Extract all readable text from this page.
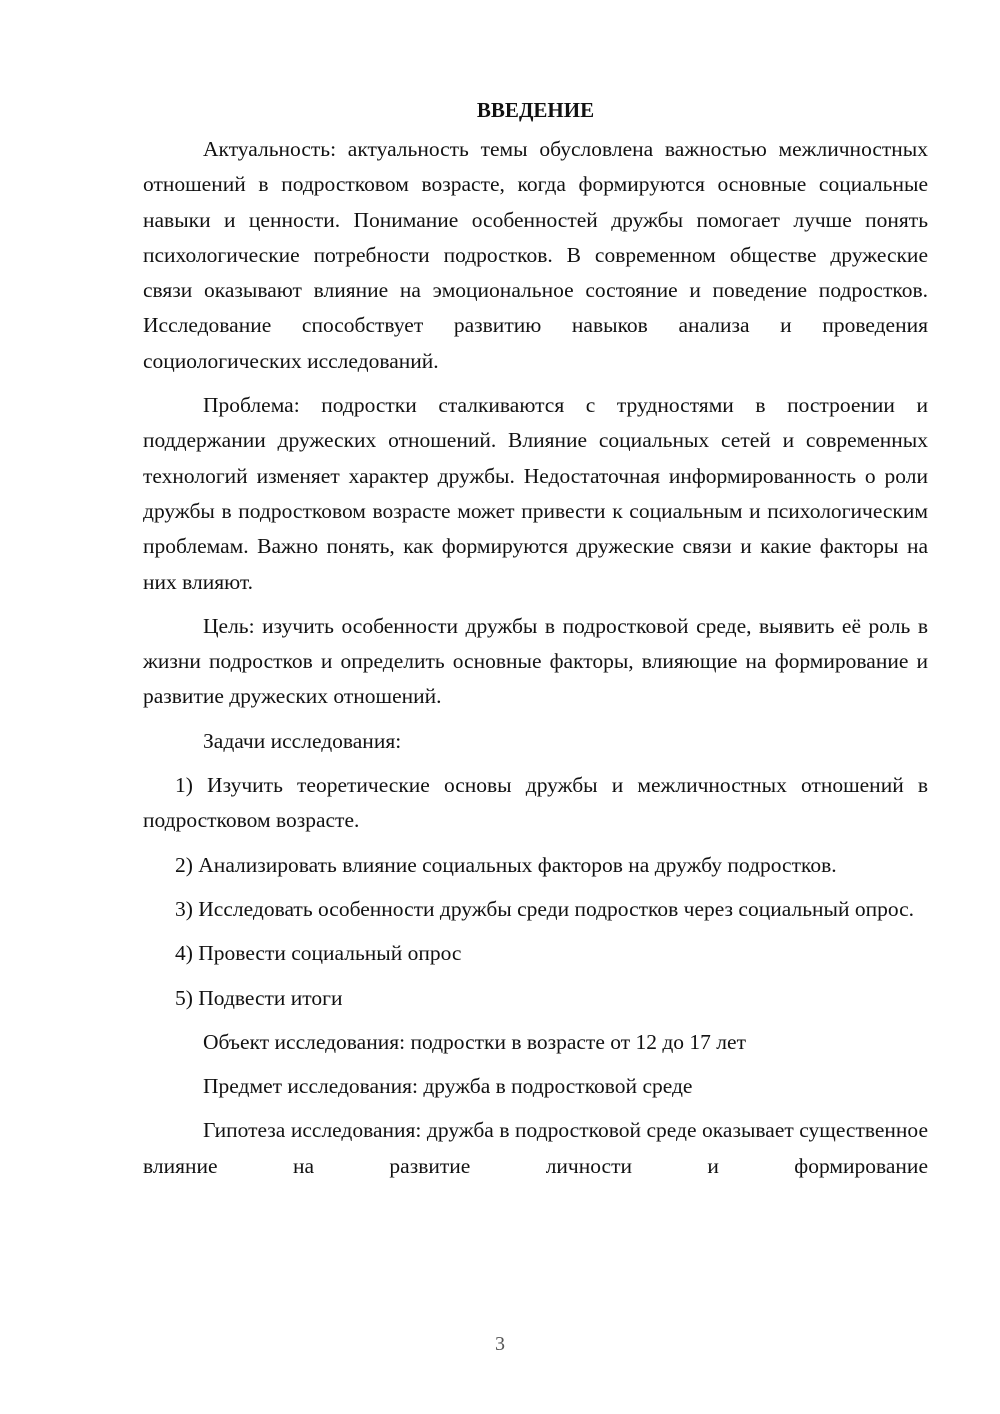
ВВЕДЕНИЕ

Актуальность: актуальность темы обусловлена важностью межличностных отношений в подростковом возрасте, когда формируются основные социальные навыки и ценности. Понимание особенностей дружбы помогает лучше понять психологические потребности подростков. В современном обществе дружеские связи оказывают влияние на эмоциональное состояние и поведение подростков. Исследование способствует развитию навыков анализа и проведения социологических исследований.

Проблема: подростки сталкиваются с трудностями в построении и поддержании дружеских отношений. Влияние социальных сетей и современных технологий изменяет характер дружбы. Недостаточная информированность о роли дружбы в подростковом возрасте может привести к социальным и психологическим проблемам. Важно понять, как формируются дружеские связи и какие факторы на них влияют.

Цель: изучить особенности дружбы в подростковой среде, выявить её роль в жизни подростков и определить основные факторы, влияющие на формирование и развитие дружеских отношений.

Задачи исследования:

1) Изучить теоретические основы дружбы и межличностных отношений в подростковом возрасте.

2) Анализировать влияние социальных факторов на дружбу подростков.

3) Исследовать особенности дружбы среди подростков через социальный опрос.

4) Провести социальный опрос

5) Подвести итоги

Объект исследования: подростки в возрасте от 12 до 17 лет

Предмет исследования: дружба в подростковой среде

Гипотеза исследования: дружба в подростковой среде оказывает существенное влияние на развитие личности и формирование

3
